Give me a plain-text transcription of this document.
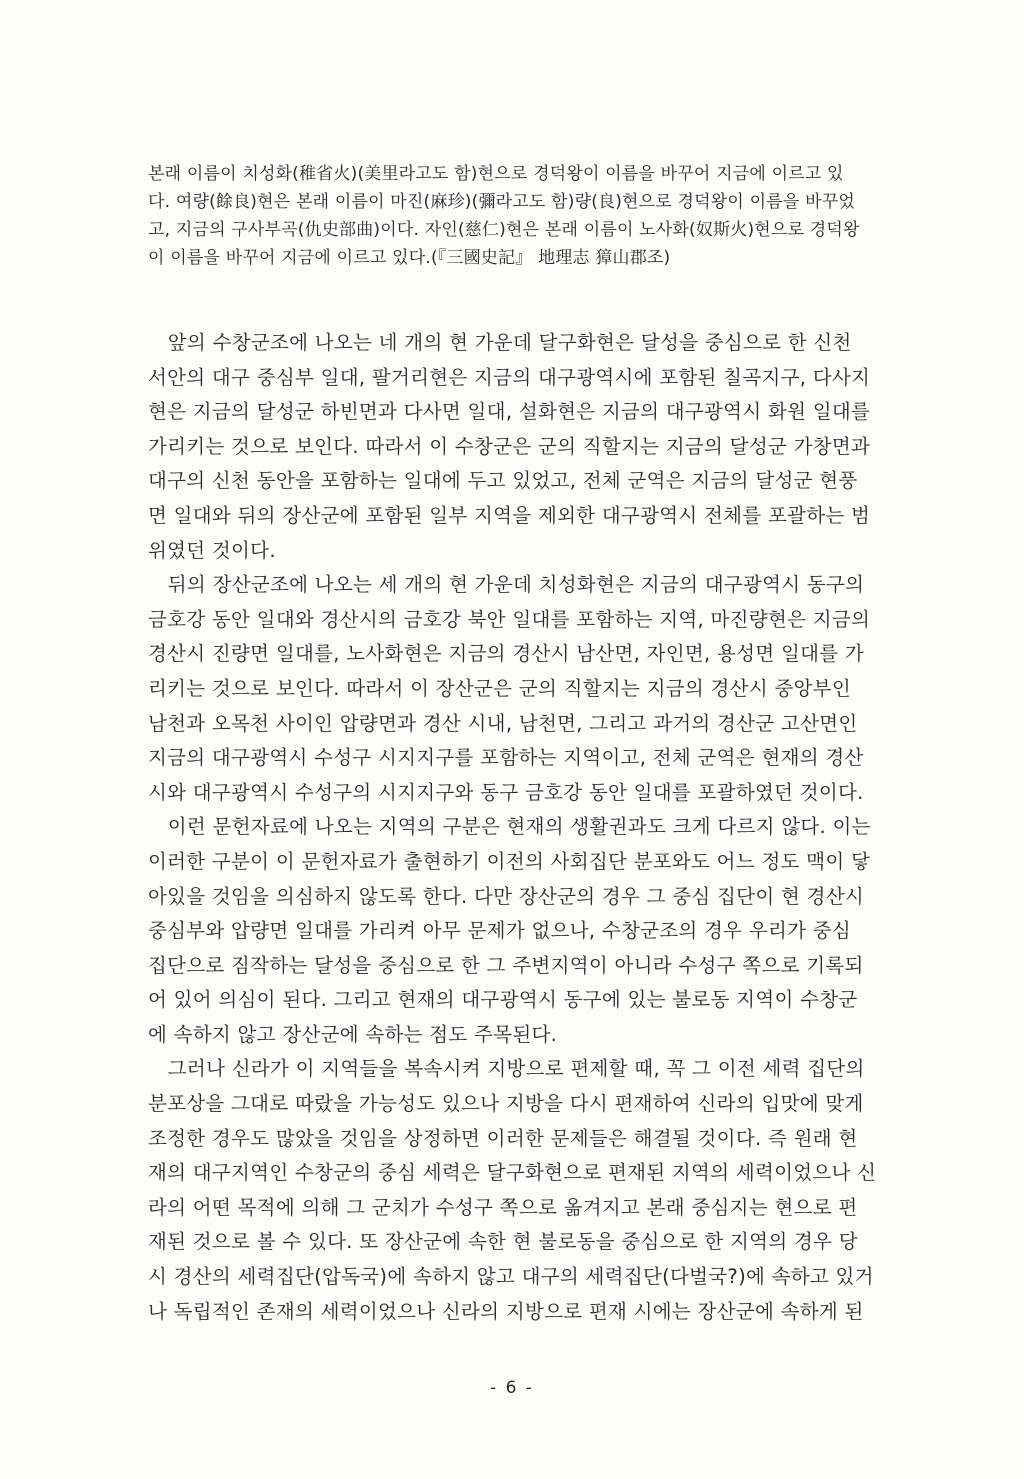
본래 이름이 치성화(稚省火)(美里라고도 함)현으로 경덕왕이 이름을 바꾸어 지금에 이르고 있
다. 여량(餘良)현은 본래 이름이 마진(麻珍)(彌라고도 함)량(良)현으로 경덕왕이 이름을 바꾸었
고, 지금의 구사부곡(仇史部曲)이다. 자인(慈仁)현은 본래 이름이 노사화(奴斯火)현으로 경덕왕
이 이름을 바꾸어 지금에 이르고 있다.(『三國史記』 地理志 獐山郡조)

　앞의 수창군조에 나오는 네 개의 현 가운데 달구화현은 달성을 중심으로 한 신천
서안의 대구 중심부 일대, 팔거리현은 지금의 대구광역시에 포함된 칠곡지구, 다사지
현은 지금의 달성군 하빈면과 다사면 일대, 설화현은 지금의 대구광역시 화원 일대를
가리키는 것으로 보인다. 따라서 이 수창군은 군의 직할지는 지금의 달성군 가창면과
대구의 신천 동안을 포함하는 일대에 두고 있었고, 전체 군역은 지금의 달성군 현풍
면 일대와 뒤의 장산군에 포함된 일부 지역을 제외한 대구광역시 전체를 포괄하는 범
위였던 것이다.

　뒤의 장산군조에 나오는 세 개의 현 가운데 치성화현은 지금의 대구광역시 동구의
금호강 동안 일대와 경산시의 금호강 북안 일대를 포함하는 지역, 마진량현은 지금의
경산시 진량면 일대를, 노사화현은 지금의 경산시 남산면, 자인면, 용성면 일대를 가
리키는 것으로 보인다. 따라서 이 장산군은 군의 직할지는 지금의 경산시 중앙부인
남천과 오목천 사이인 압량면과 경산 시내, 남천면, 그리고 과거의 경산군 고산면인
지금의 대구광역시 수성구 시지지구를 포함하는 지역이고, 전체 군역은 현재의 경산
시와 대구광역시 수성구의 시지지구와 동구 금호강 동안 일대를 포괄하였던 것이다.

　이런 문헌자료에 나오는 지역의 구분은 현재의 생활권과도 크게 다르지 않다. 이는
이러한 구분이 이 문헌자료가 출현하기 이전의 사회집단 분포와도 어느 정도 맥이 닿
아있을 것임을 의심하지 않도록 한다. 다만 장산군의 경우 그 중심 집단이 현 경산시
중심부와 압량면 일대를 가리켜 아무 문제가 없으나, 수창군조의 경우 우리가 중심
집단으로 짐작하는 달성을 중심으로 한 그 주변지역이 아니라 수성구 쪽으로 기록되
어 있어 의심이 된다. 그리고 현재의 대구광역시 동구에 있는 불로동 지역이 수창군
에 속하지 않고 장산군에 속하는 점도 주목된다.

　그러나 신라가 이 지역들을 복속시켜 지방으로 편제할 때, 꼭 그 이전 세력 집단의
분포상을 그대로 따랐을 가능성도 있으나 지방을 다시 편재하여 신라의 입맛에 맞게
조정한 경우도 많았을 것임을 상정하면 이러한 문제들은 해결될 것이다. 즉 원래 현
재의 대구지역인 수창군의 중심 세력은 달구화현으로 편재된 지역의 세력이었으나 신
라의 어떤 목적에 의해 그 군치가 수성구 쪽으로 옮겨지고 본래 중심지는 현으로 편
재된 것으로 볼 수 있다. 또 장산군에 속한 현 불로동을 중심으로 한 지역의 경우 당
시 경산의 세력집단(압독국)에 속하지 않고 대구의 세력집단(다벌국?)에 속하고 있거
나 독립적인 존재의 세력이었으나 신라의 지방으로 편재 시에는 장산군에 속하게 된

- 6 -
